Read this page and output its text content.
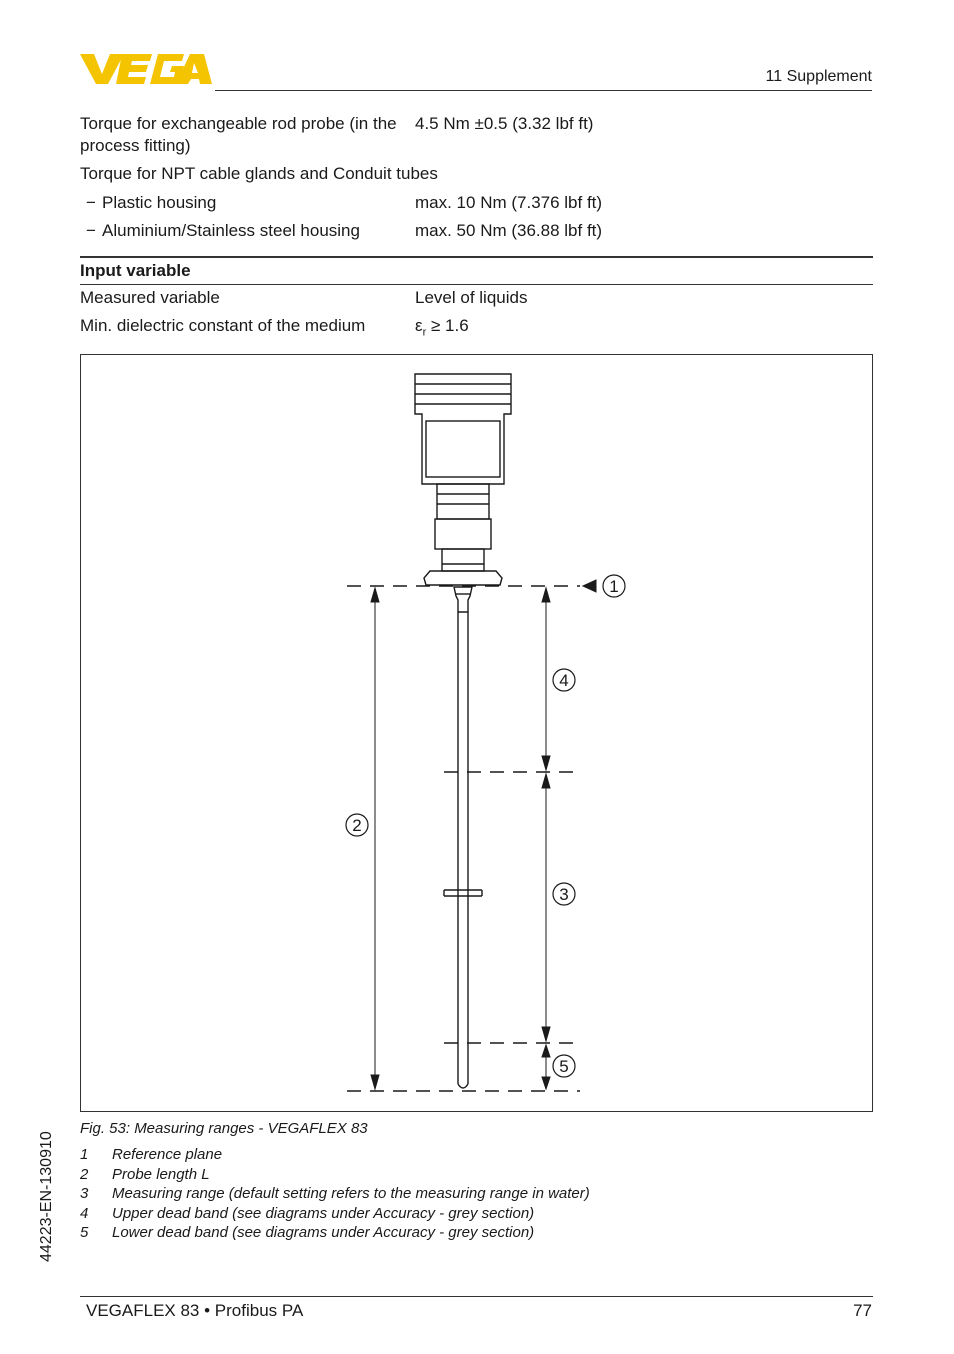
11 Supplement
Torque for exchangeable rod probe (in the process fitting)
4.5 Nm ±0.5 (3.32 lbf ft)
Torque for NPT cable glands and Conduit tubes
− Plastic housing	max. 10 Nm (7.376 lbf ft)
− Aluminium/Stainless steel housing	max. 50 Nm (36.88 lbf ft)
Input variable
Measured variable	Level of liquids
Min. dielectric constant of the medium	$\varepsilon_r \ge 1.6$
1
2
3
4
5
Fig. 53: Measuring ranges - VEGAFLEX 83
1 Reference plane
2 Probe length L
3 Measuring range (default setting refers to the measuring range in water)
4 Upper dead band (see diagrams under Accuracy - grey section)
5 Lower dead band (see diagrams under Accuracy - grey section)
44223-EN-130910
VEGAFLEX 83 • Profibus PA	77
